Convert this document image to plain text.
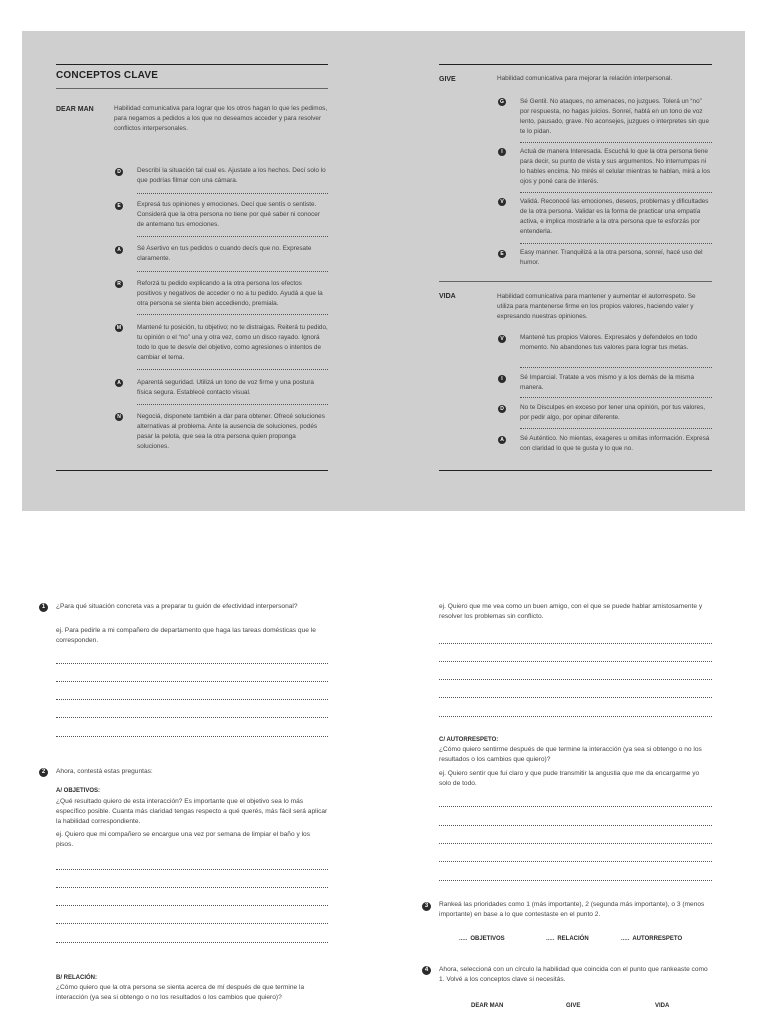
CONCEPTOS CLAVE
DEAR MAN	Habilidad comunicativa para lograr que los otros hagan lo que les pedimos, para negarnos a pedidos a los que no deseamos acceder y para resolver conflictos interpersonales.
D	Describí la situación tal cual es. Ajustate a los hechos. Decí solo lo que podrías filmar con una cámara.
E	Expresá tus opiniones y emociones. Decí que sentís o sentiste. Considerá que la otra persona no tiene por qué saber ni conocer de antemano tus emociones.
A	Sé Asertivo en tus pedidos o cuando decís que no. Expresate claramente.
R	Reforzá tu pedido explicando a la otra persona los efectos positivos y negativos de acceder o no a tu pedido. Ayudá a que la otra persona se sienta bien accediendo, premiala.
M	Mantené tu posición, tu objetivo; no te distraigas. Reiterá tu pedido, tu opinión o el “no” una y otra vez, como un disco rayado. Ignorá todo lo que te desvíe del objetivo, como agresiones o intentos de cambiar el tema.
A	Aparentá seguridad. Utilizá un tono de voz firme y una postura física segura. Establecé contacto visual.
N	Negociá, disponete también a dar para obtener. Ofrecé soluciones alternativas al problema. Ante la ausencia de soluciones, podés pasar la pelota, que sea la otra persona quien proponga soluciones.
GIVE	Habilidad comunicativa para mejorar la relación interpersonal.
G	Sé Gentil. No ataques, no amenaces, no juzgues. Tolerá un “no” por respuesta, no hagas juicios. Sonreí, hablá en un tono de voz lento, pausado, grave. No aconsejes, juzgues o interpretes sin que te lo pidan.
I	Actuá de manera Interesada. Escuchá lo que la otra persona tiene para decir, su punto de vista y sus argumentos. No interrumpas ni lo hables encima. No mirés el celular mientras te hablan, mirá a los ojos y poné cara de interés.
V	Validá. Reconocé las emociones, deseos, problemas y dificultades de la otra persona. Validar es la forma de practicar una empatía activa, e implica mostrarle a la otra persona que te esforzás por entenderla.
E	Easy manner. Tranquilizá a la otra persona, sonreí, hacé uso del humor.
VIDA	Habilidad comunicativa para mantener y aumentar el autorrespeto. Se utiliza para mantenerse firme en los propios valores, haciendo valer y expresando nuestras opiniones.
V	Mantené tus propios Valores. Expresalos y defendelos en todo momento. No abandones tus valores para lograr tus metas.
I	Sé Imparcial. Tratate a vos mismo y a los demás de la misma manera.
D	No te Disculpes en exceso por tener una opinión, por tus valores, por pedir algo, por opinar diferente.
A	Sé Auténtico. No mientas, exageres u omitas información. Expresá con claridad lo que te gusta y lo que no.
1	¿Para qué situación concreta vas a preparar tu guión de efectividad interpersonal?
ej. Para pedirle a mi compañero de departamento que haga las tareas domésticas que le corresponden.
2	Ahora, contestá estas preguntas:
A/ OBJETIVOS:
¿Qué resultado quiero de esta interacción? Es importante que el objetivo sea lo más específico posible. Cuanta más claridad tengas respecto a qué querés, más fácil será aplicar la habilidad correspondiente.
ej. Quiero que mi compañero se encargue una vez por semana de limpiar el baño y los pisos.
B/ RELACIÓN:
¿Cómo quiero que la otra persona se sienta acerca de mí después de que termine la interacción (ya sea si obtengo o no los resultados o los cambios que quiero)?
ej. Quiero que me vea como un buen amigo, con el que se puede hablar amistosamente y resolver los problemas sin conflicto.
C/ AUTORRESPETO:
¿Cómo quiero sentirme después de que termine la interacción (ya sea si obtengo o no los resultados o los cambios que quiero)?
ej. Quiero sentir que fui claro y que pude transmitir la angustia que me da encargarme yo solo de todo.
3	Rankeá las prioridades como 1 (más importante), 2 (segunda más importante), o 3 (menos importante) en base a lo que contestaste en el punto 2.
..... OBJETIVOS	..... RELACIÓN	..... AUTORRESPETO
4	Ahora, seleccioná con un círculo la habilidad que coincida con el punto que rankeaste como 1. Volvé a los conceptos clave si necesitás.
DEAR MAN	GIVE	VIDA
